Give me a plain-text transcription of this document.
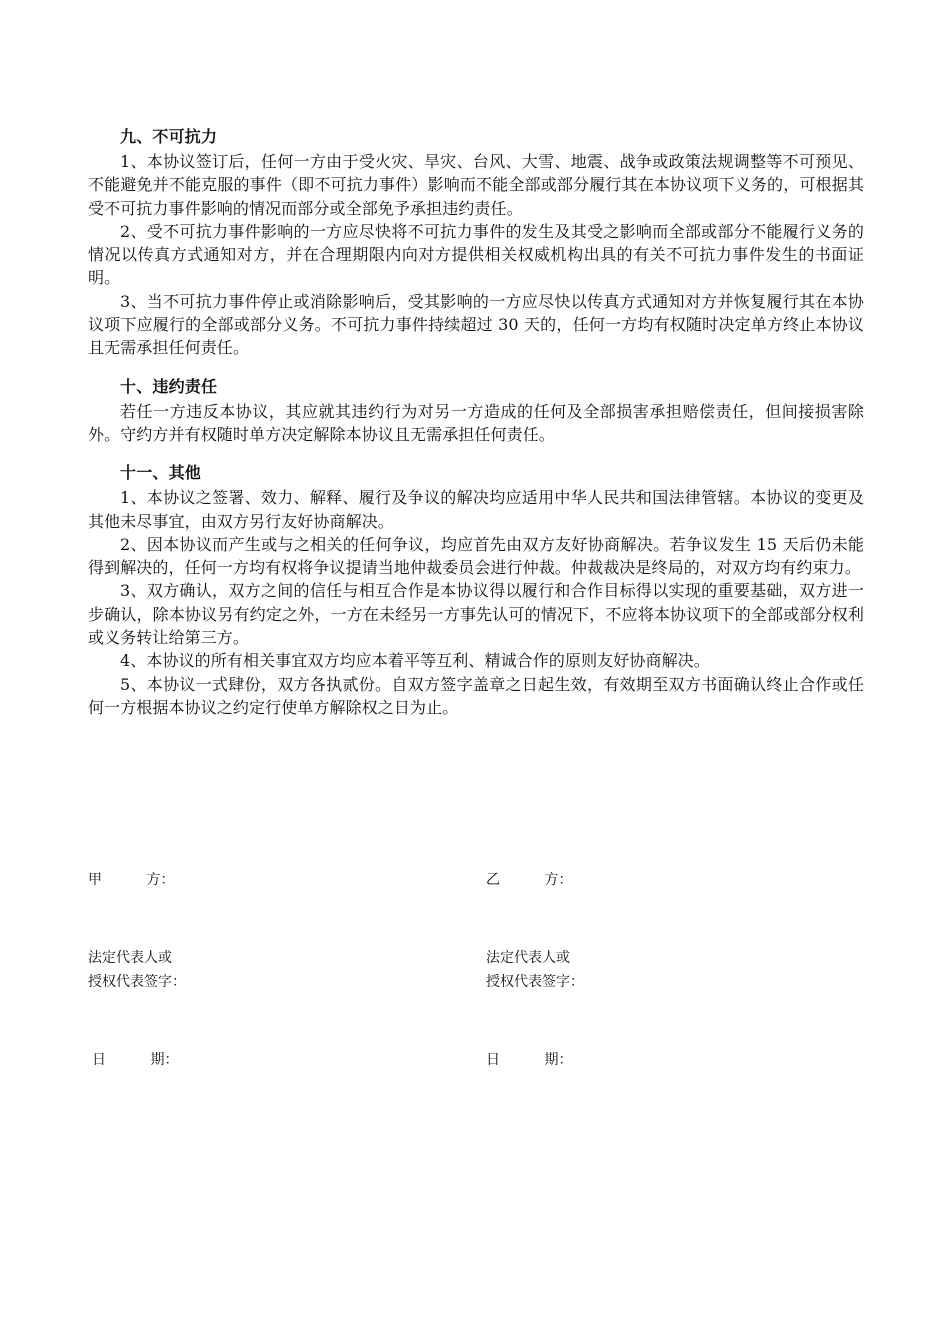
九、不可抗力

1、本协议签订后，任何一方由于受火灾、旱灾、台风、大雪、地震、战争或政策法规调整等不可预见、不能避免并不能克服的事件（即不可抗力事件）影响而不能全部或部分履行其在本协议项下义务的，可根据其受不可抗力事件影响的情况而部分或全部免予承担违约责任。

2、受不可抗力事件影响的一方应尽快将不可抗力事件的发生及其受之影响而全部或部分不能履行义务的情况以传真方式通知对方，并在合理期限内向对方提供相关权威机构出具的有关不可抗力事件发生的书面证明。

3、当不可抗力事件停止或消除影响后，受其影响的一方应尽快以传真方式通知对方并恢复履行其在本协议项下应履行的全部或部分义务。不可抗力事件持续超过 30 天的，任何一方均有权随时决定单方终止本协议且无需承担任何责任。

十、违约责任

若任一方违反本协议，其应就其违约行为对另一方造成的任何及全部损害承担赔偿责任，但间接损害除外。守约方并有权随时单方决定解除本协议且无需承担任何责任。

十一、其他

1、本协议之签署、效力、解释、履行及争议的解决均应适用中华人民共和国法律管辖。本协议的变更及其他未尽事宜，由双方另行友好协商解决。

2、因本协议而产生或与之相关的任何争议，均应首先由双方友好协商解决。若争议发生 15 天后仍未能得到解决的，任何一方均有权将争议提请当地仲裁委员会进行仲裁。仲裁裁决是终局的，对双方均有约束力。

3、双方确认，双方之间的信任与相互合作是本协议得以履行和合作目标得以实现的重要基础，双方进一步确认，除本协议另有约定之外，一方在未经另一方事先认可的情况下，不应将本协议项下的全部或部分权利或义务转让给第三方。

4、本协议的所有相关事宜双方均应本着平等互利、精诚合作的原则友好协商解决。

5、本协议一式肆份，双方各执贰份。自双方签字盖章之日起生效，有效期至双方书面确认终止合作或任何一方根据本协议之约定行使单方解除权之日为止。

甲          方：	乙          方：
法定代表人或
授权代表签字：
法定代表人或
授权代表签字：
日          期：	日          期：
